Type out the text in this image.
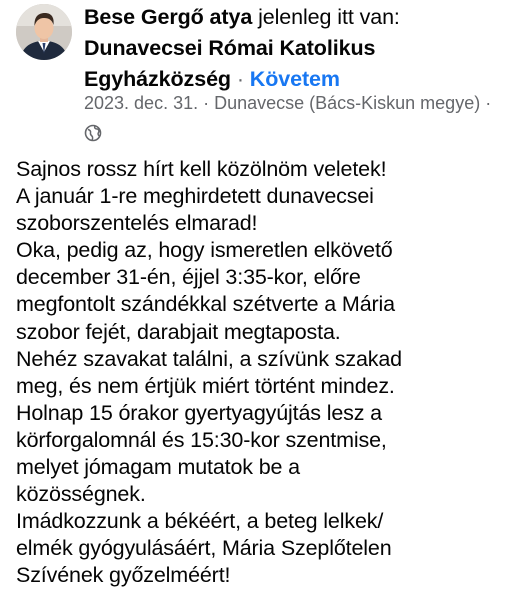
Bese Gergő atya jelenleg itt van: Dunavecsei Római Katolikus Egyházközség · Követem
2023. dec. 31. · Dunavecse (Bács-Kiskun megye) ·
Sajnos rossz hírt kell közölnöm veletek!
A január 1-re meghirdetett dunavecsei
szoborszentelés elmarad!
Oka, pedig az, hogy ismeretlen elkövető
december 31-én, éjjel 3:35-kor, előre
megfontolt szándékkal szétverte a Mária
szobor fejét, darabjait megtaposta.
Nehéz szavakat találni, a szívünk szakad
meg, és nem értjük miért történt mindez.
Holnap 15 órakor gyertyagyújtás lesz a
körforgalomnál és 15:30-kor szentmise,
melyet jómagam mutatok be a
közösségnek.
Imádkozzunk a békéért, a beteg lelkek/
elmék gyógyulásáért, Mária Szeplőtelen
Szívének győzelméért!
